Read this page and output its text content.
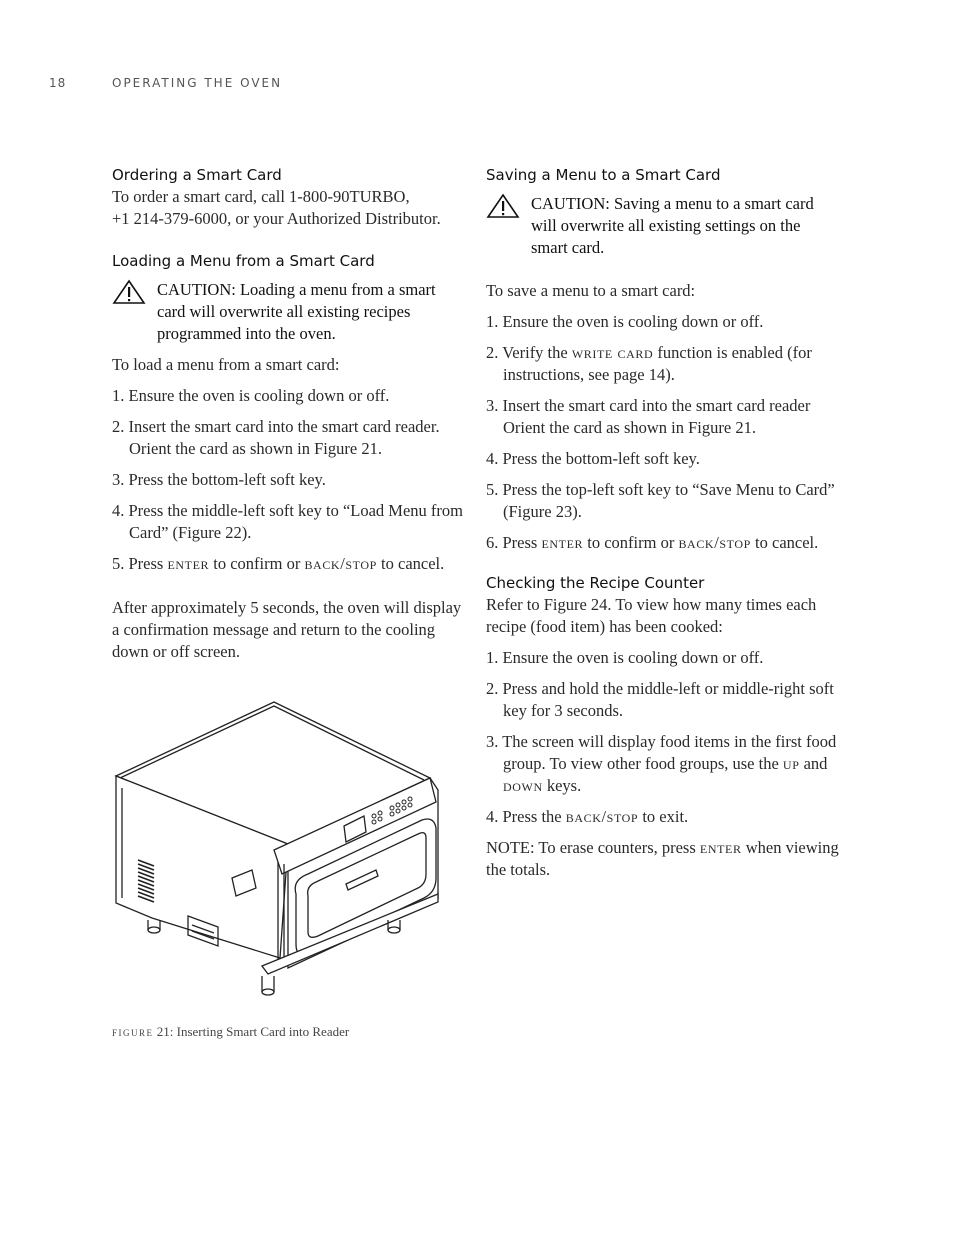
18	OPERATING THE OVEN
Ordering a Smart Card

To order a smart card, call 1-800-90TURBO,

+1 214-379-6000, or your Authorized Distributor.

Loading a Menu from a Smart Card

CAUTION: Loading a menu from a smart card will overwrite all existing recipes programmed into the oven.

To load a menu from a smart card:

1. Ensure the oven is cooling down or off.

2. Insert the smart card into the smart card reader. Orient the card as shown in Figure 21.

3. Press the bottom-left soft key.

4. Press the middle-left soft key to “Load Menu from Card” (Figure 22).

5. Press enter to confirm or back/stop to cancel.

After approximately 5 seconds, the oven will display a confirmation message and return to the cooling down or off screen.

figure 21: Inserting Smart Card into Reader
Saving a Menu to a Smart Card

CAUTION: Saving a menu to a smart card will overwrite all existing settings on the smart card.

To save a menu to a smart card:

1. Ensure the oven is cooling down or off.

2. Verify the write card function is enabled (for instructions, see page 14).

3. Insert the smart card into the smart card reader Orient the card as shown in Figure 21.

4. Press the bottom-left soft key.

5. Press the top-left soft key to “Save Menu to Card” (Figure 23).

6. Press enter to confirm or back/stop to cancel.

Checking the Recipe Counter

Refer to Figure 24. To view how many times each recipe (food item) has been cooked:

1. Ensure the oven is cooling down or off.

2. Press and hold the middle-left or middle-right soft key for 3 seconds.

3. The screen will display food items in the first food group. To view other food groups, use the up and down keys.

4. Press the back/stop to exit.

NOTE: To erase counters, press enter when viewing the totals.
